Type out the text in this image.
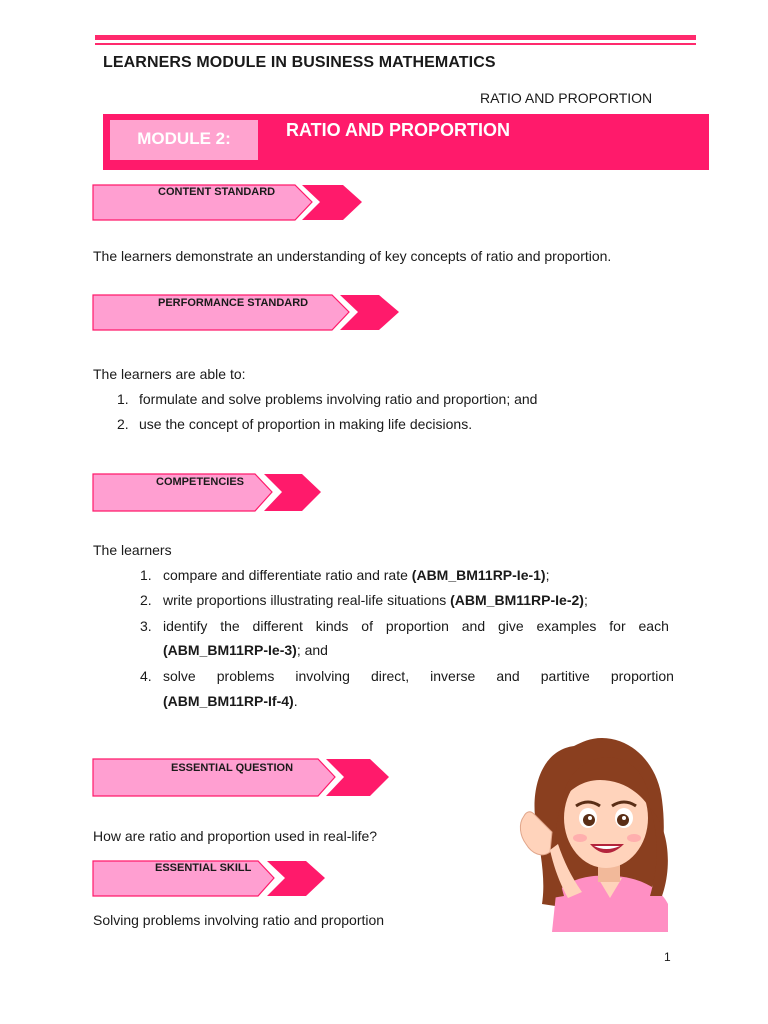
LEARNERS MODULE IN BUSINESS MATHEMATICS
RATIO AND PROPORTION
MODULE 2:	RATIO AND PROPORTION
CONTENT STANDARD
The learners demonstrate an understanding of key concepts of ratio and proportion.
PERFORMANCE STANDARD
The learners are able to:
1. formulate and solve problems involving ratio and proportion; and
2. use the concept of proportion in making life decisions.
COMPETENCIES
The learners
1. compare and differentiate ratio and rate (ABM_BM11RP-Ie-1);
2. write proportions illustrating real-life situations (ABM_BM11RP-Ie-2);
3. identify the different kinds of proportion and give examples for each
(ABM_BM11RP-Ie-3); and
4. solve problems involving direct, inverse and partitive proportion
(ABM_BM11RP-If-4).
ESSENTIAL QUESTION
How are ratio and proportion used in real-life?
ESSENTIAL SKILL
Solving problems involving ratio and proportion
1
